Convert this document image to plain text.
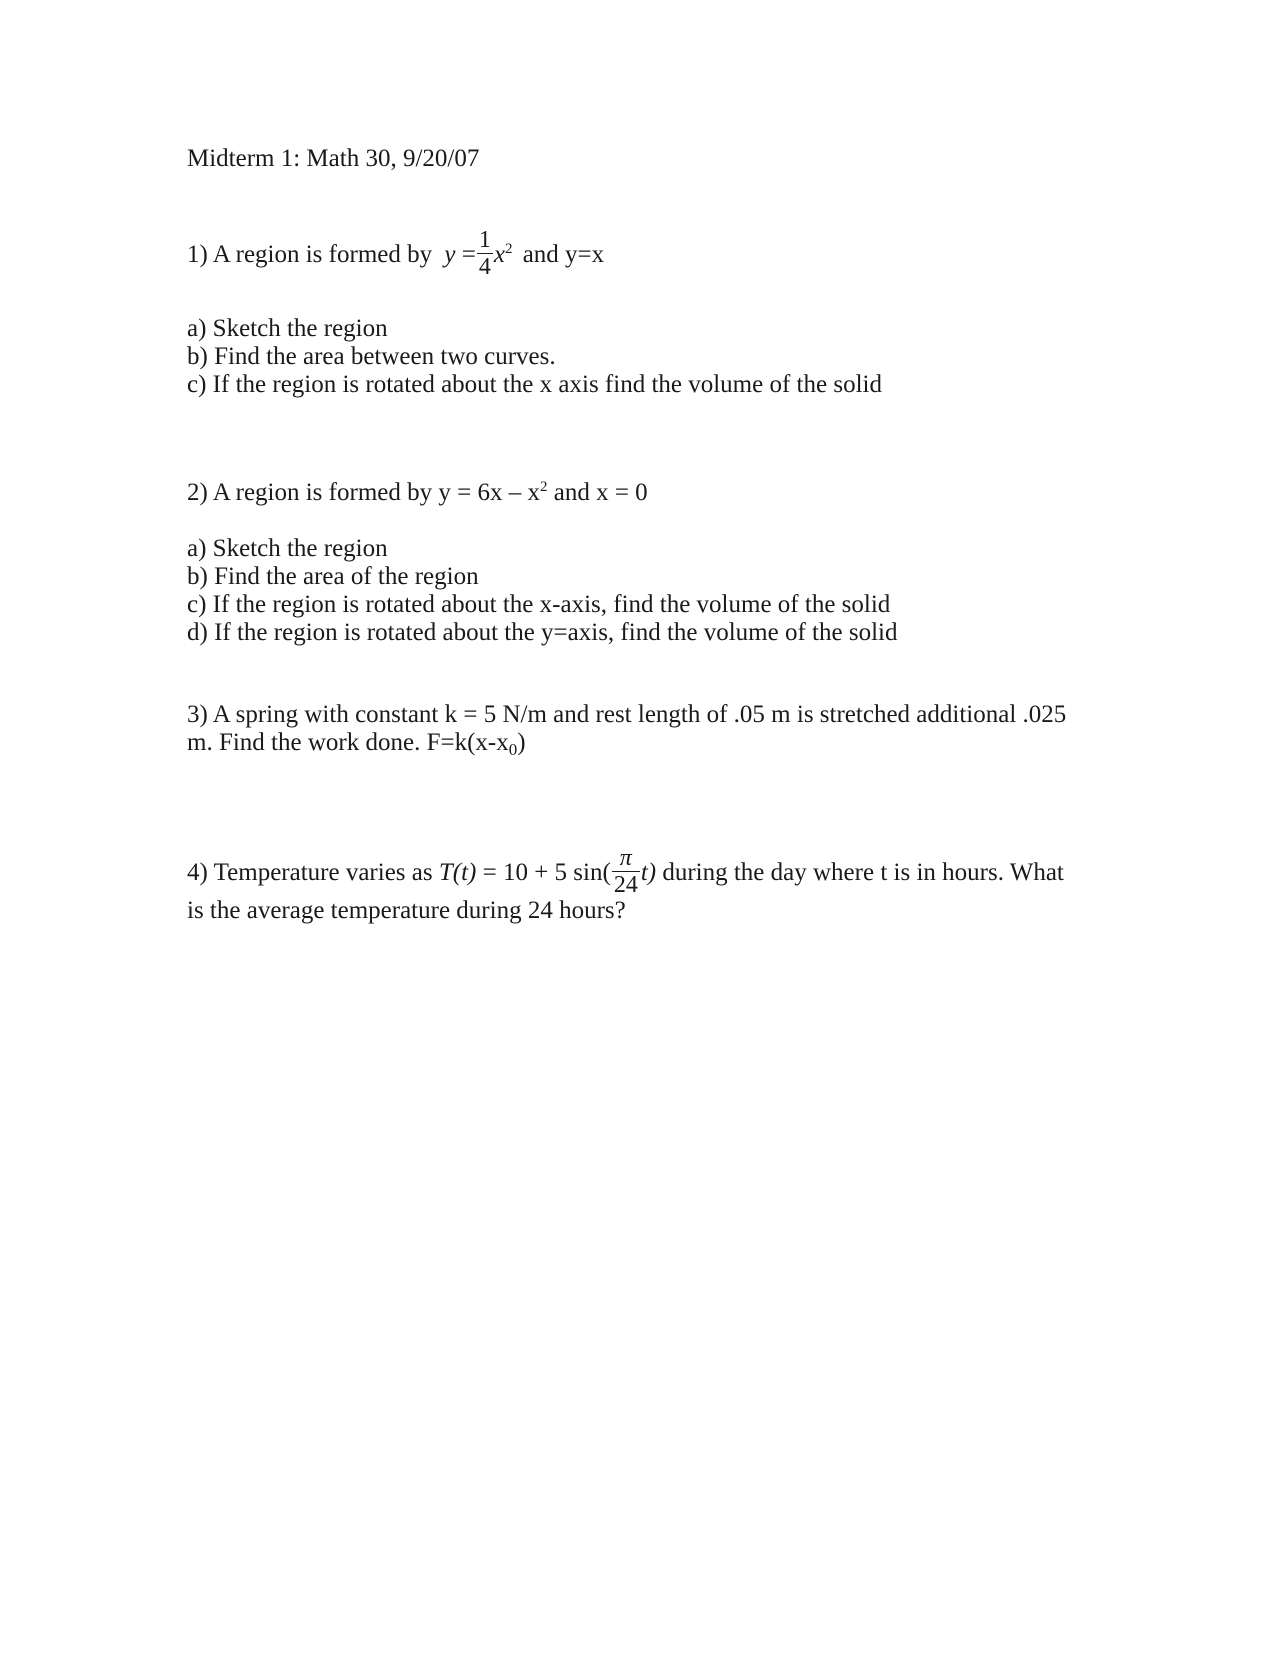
Midterm 1: Math 30, 9/20/07
1) A region is formed by $y = \frac{1}{4} x^2$ and y=x
a) Sketch the region
b) Find the area between two curves.
c) If the region is rotated about the x axis find the volume of the solid
2) A region is formed by $y = 6x - x^2$ and x = 0
a) Sketch the region
b) Find the area of the region
c) If the region is rotated about the x-axis, find the volume of the solid
d) If the region is rotated about the y=axis, find the volume of the solid
3) A spring with constant k = 5 N/m and rest length of .05 m is stretched additional .025
m. Find the work done. $F=k(x-x_0)$
4) Temperature varies as T(t) = 10 + 5 $\sin( \frac{\pi}{24} t)$ during the day where t is in hours. What
is the average temperature during 24 hours?
